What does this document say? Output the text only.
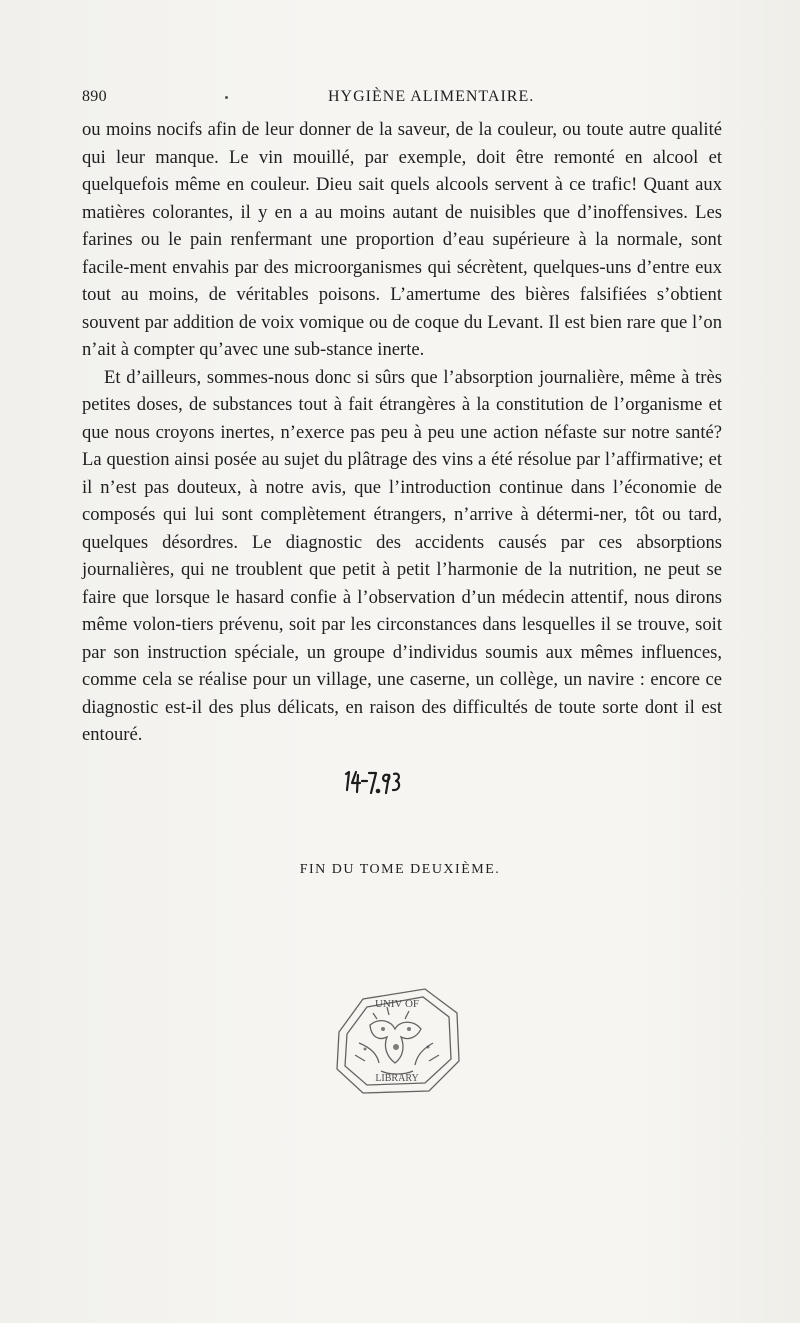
890	HYGIÈNE ALIMENTAIRE.

ou moins nocifs afin de leur donner de la saveur, de la couleur, ou toute autre qualité qui leur manque. Le vin mouillé, par exemple, doit être remonté en alcool et quelquefois même en couleur. Dieu sait quels alcools servent à ce trafic! Quant aux matières colorantes, il y en a au moins autant de nuisibles que d’inoffensives. Les farines ou le pain renfermant une proportion d’eau supérieure à la normale, sont facile-ment envahis par des microorganismes qui sécrètent, quelques-uns d’entre eux tout au moins, de véritables poisons. L’amertume des bières falsifiées s’obtient souvent par addition de voix vomique ou de coque du Levant. Il est bien rare que l’on n’ait à compter qu’avec une sub-stance inerte.

Et d’ailleurs, sommes-nous donc si sûrs que l’absorption journalière, même à très petites doses, de substances tout à fait étrangères à la constitution de l’organisme et que nous croyons inertes, n’exerce pas peu à peu une action néfaste sur notre santé? La question ainsi posée au sujet du plâtrage des vins a été résolue par l’affirmative; et il n’est pas douteux, à notre avis, que l’introduction continue dans l’économie de composés qui lui sont complètement étrangers, n’arrive à détermi-ner, tôt ou tard, quelques désordres. Le diagnostic des accidents causés par ces absorptions journalières, qui ne troublent que petit à petit l’harmonie de la nutrition, ne peut se faire que lorsque le hasard confie à l’observation d’un médecin attentif, nous dirons même volon-tiers prévenu, soit par les circonstances dans lesquelles il se trouve, soit par son instruction spéciale, un groupe d’individus soumis aux mêmes influences, comme cela se réalise pour un village, une caserne, un collège, un navire : encore ce diagnostic est-il des plus délicats, en raison des difficultés de toute sorte dont il est entouré.

FIN DU TOME DEUXIÈME.
UNIV OF
LIBRARY
